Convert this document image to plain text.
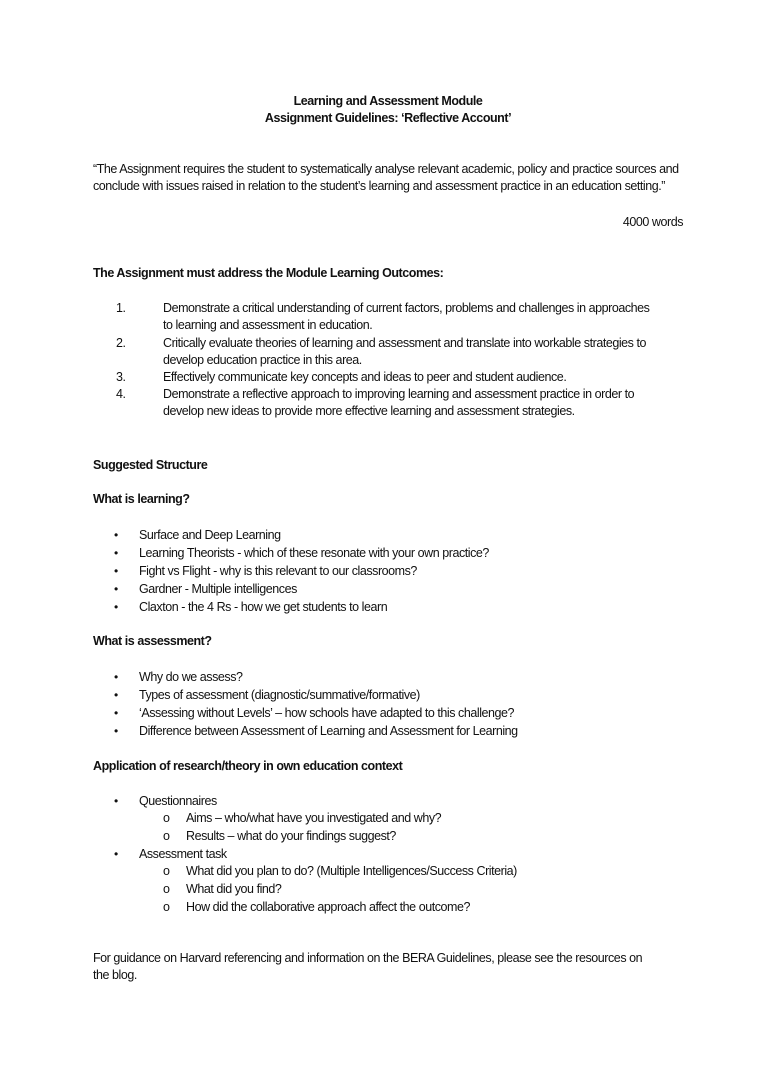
Learning and Assessment Module
Assignment Guidelines: ‘Reflective Account’
“The Assignment requires the student to systematically analyse relevant academic, policy and practice sources and conclude with issues raised in relation to the student’s learning and assessment practice in an education setting.”
4000 words
The Assignment must address the Module Learning Outcomes:
1.	Demonstrate a critical understanding of current factors, problems and challenges in approaches to learning and assessment in education.
2.	Critically evaluate theories of learning and assessment and translate into workable strategies to develop education practice in this area.
3.	Effectively communicate key concepts and ideas to peer and student audience.
4.	Demonstrate a reflective approach to improving learning and assessment practice in order to develop new ideas to provide more effective learning and assessment strategies.
Suggested Structure
What is learning?
• Surface and Deep Learning
• Learning Theorists - which of these resonate with your own practice?
• Fight vs Flight - why is this relevant to our classrooms?
• Gardner - Multiple intelligences
• Claxton - the 4 Rs - how we get students to learn
What is assessment?
• Why do we assess?
• Types of assessment (diagnostic/summative/formative)
• ‘Assessing without Levels’ – how schools have adapted to this challenge?
• Difference between Assessment of Learning and Assessment for Learning
Application of research/theory in own education context
• Questionnaires
o Aims – who/what have you investigated and why?
o Results – what do your findings suggest?
• Assessment task
o What did you plan to do? (Multiple Intelligences/Success Criteria)
o What did you find?
o How did the collaborative approach affect the outcome?
For guidance on Harvard referencing and information on the BERA Guidelines, please see the resources on the blog.
